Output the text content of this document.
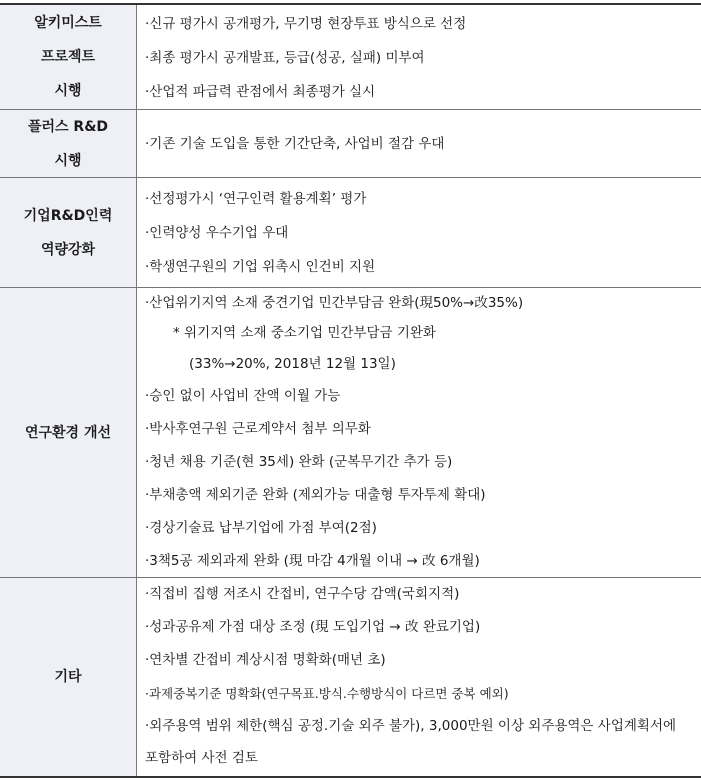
알키미스트
프로젝트
시행
·신규 평가시 공개평가, 무기명 현장투표 방식으로 선정
·최종 평가시 공개발표, 등급(성공, 실패) 미부여
·산업적 파급력 관점에서 최종평가 실시
플러스 R&D
시행
·기존 기술 도입을 통한 기간단축, 사업비 절감 우대
기업R&D인력
역량강화
·선정평가시 ‘연구인력 활용계획’ 평가
·인력양성 우수기업 우대
·학생연구원의 기업 위촉시 인건비 지원
연구환경 개선
·산업위기지역 소재 중견기업 민간부담금 완화(現50%→改35%)
* 위기지역 소재 중소기업 민간부담금 기완화
(33%→20%, 2018년 12월 13일)
·승인 없이 사업비 잔액 이월 가능
·박사후연구원 근로계약서 첨부 의무화
·청년 채용 기준(현 35세) 완화 (군복무기간 추가 등)
·부채총액 제외기준 완화 (제외가능 대출형 투자투제 확대)
·경상기술료 납부기업에 가점 부여(2점)
·3책5공 제외과제 완화 (現 마감 4개월 이내 → 改 6개월)
기타
·직접비 집행 저조시 간접비, 연구수당 감액(국회지적)
·성과공유제 가점 대상 조정 (現 도입기업 → 改 완료기업)
·연차별 간접비 계상시점 명확화(매년 초)
·과제중복기준 명확화(연구목표.방식.수행방식이 다르면 중복 예외)
·외주용역 범위 제한(핵심 공정.기술 외주 불가), 3,000만원 이상 외주용역은 사업계획서에 포함하여 사전 검토
